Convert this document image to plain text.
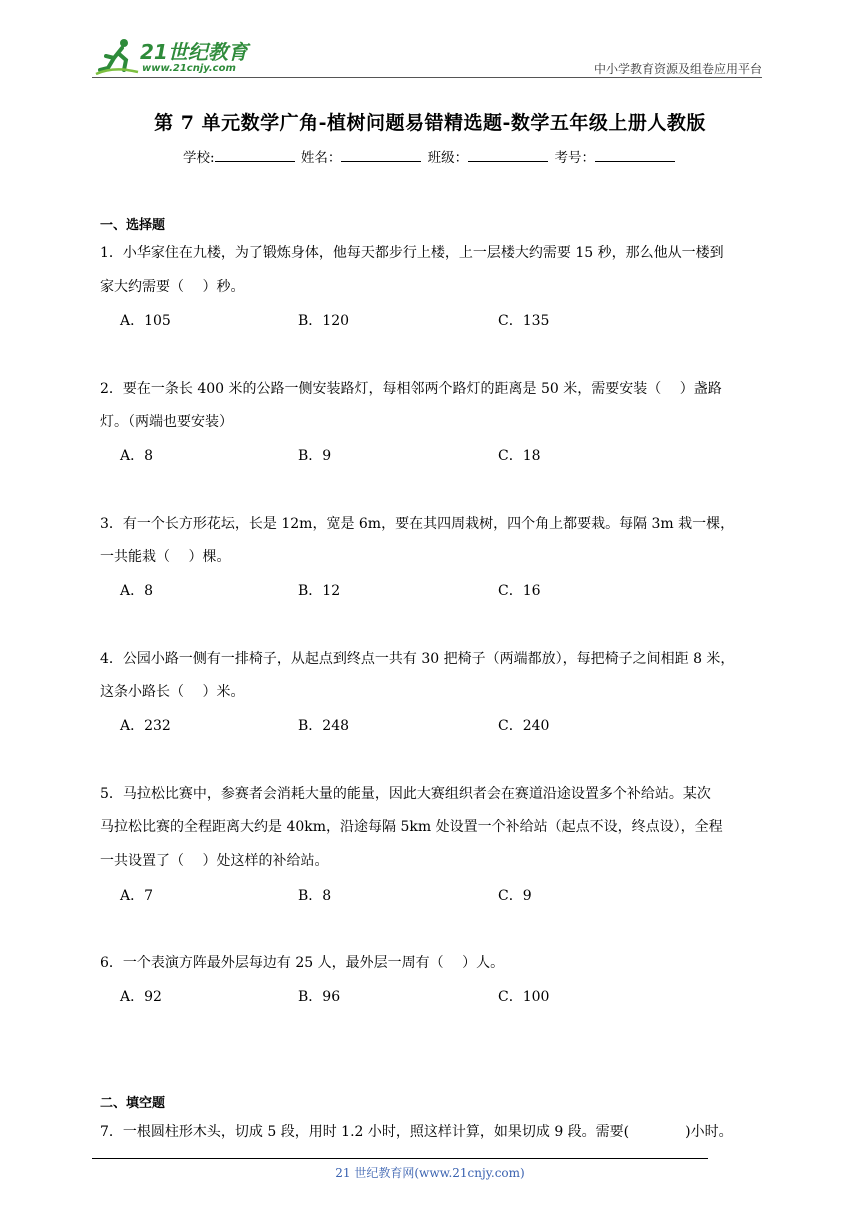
21世纪教育
www.21cnjy.com	中小学教育资源及组卷应用平台
第 7 单元数学广角-植树问题易错精选题-数学五年级上册人教版
学校:	姓名：	班级：	考号：
一、选择题
1．小华家住在九楼，为了锻炼身体，他每天都步行上楼，上一层楼大约需要 15 秒，那么他从一楼到
家大约需要（　 ）秒。
A．105	B．120	C．135
2．要在一条长 400 米的公路一侧安装路灯，每相邻两个路灯的距离是 50 米，需要安装（　 ）盏路
灯。（两端也要安装）
A．8	B．9	C．18
3．有一个长方形花坛，长是 12m，宽是 6m，要在其四周栽树，四个角上都要栽。每隔 3m 栽一棵，
一共能栽（　 ）棵。
A．8	B．12	C．16
4．公园小路一侧有一排椅子，从起点到终点一共有 30 把椅子（两端都放），每把椅子之间相距 8 米，
这条小路长（　 ）米。
A．232	B．248	C．240
5．马拉松比赛中，参赛者会消耗大量的能量，因此大赛组织者会在赛道沿途设置多个补给站。某次
马拉松比赛的全程距离大约是 40km，沿途每隔 5km 处设置一个补给站（起点不设，终点设），全程
一共设置了（　 ）处这样的补给站。
A．7	B．8	C．9
6．一个表演方阵最外层每边有 25 人，最外层一周有（　 ）人。
A．92	B．96	C．100
二、填空题
7．一根圆柱形木头，切成 5 段，用时 1.2 小时，照这样计算，如果切成 9 段。需要(　　　　)小时。
21 世纪教育网(www.21cnjy.com)
